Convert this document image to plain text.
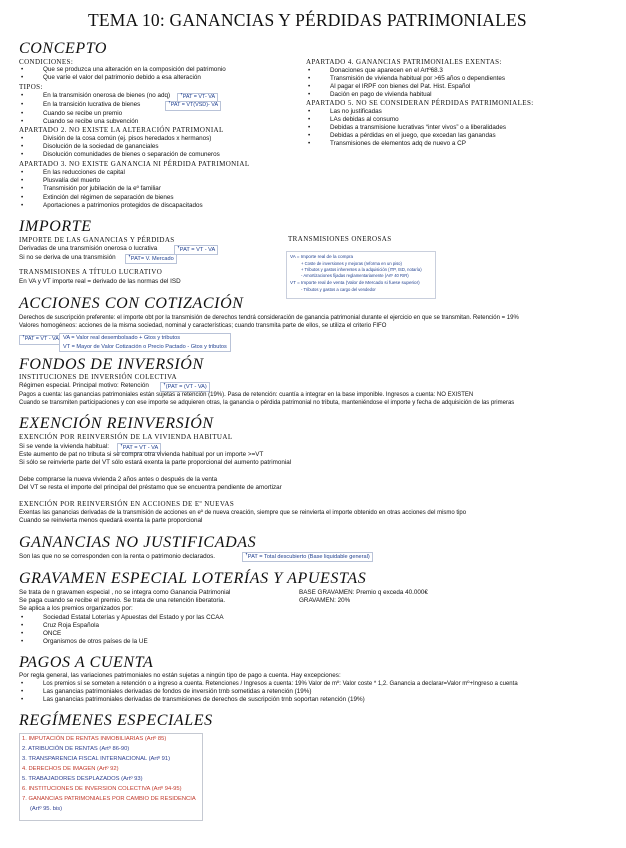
TEMA 10: GANANCIAS Y PÉRDIDAS PATRIMONIALES
CONCEPTO
CONDICIONES:
• Que se produzca una alteración en la composición del patrimonio
• Que varíe el valor del patrimonio debido a esa alteración
TIPOS:
• En la transmisión onerosa de bienes (no adq)	ꜛPAT = VT- VA
• En la transición lucrativa de bienes	ꜛPAT = VT(VSD)- VA
• Cuando se recibe un premio
• Cuando se recibe una subvención
APARTADO 2. NO EXISTE LA ALTERACIÓN PATRIMONIAL
• División de la cosa común (ej. pisos heredados x hermanos)
• Disolución de la sociedad de gananciales
• Disolución comunidades de bienes o separación de comuneros
APARTADO 3. NO EXISTE GANANCIA NI PÉRDIDA PATRIMONIAL
• En las reducciones de capital
• Plusvalía del muerto
• Transmisión por jubilación de la eº familiar
• Extinción del régimen de separación de bienes
• Aportaciones a patrimonios protegidos de discapacitados
APARTADO 4. GANANCIAS PATRIMONIALES EXENTAS:
• Donaciones que aparecen en el Artº68.3
• Transmisión de vivienda habitual por >65 años o dependientes
• Al pagar el IRPF con bienes del Pat. Hist. Español
• Dación en pago de vivienda habitual
APARTADO 5. NO SE CONSIDERAN PÉRDIDAS PATRIMONIALES:
• Las no justificadas
• LAs debidas al consumo
• Debidas a transmisione lucrativas “inter vivos” o a liberalidades
• Debidas a pérdidas en el juego, que excedan las ganandas
• Transmisiones de elementos adq de nuevo a CP
IMPORTE
IMPORTE DE LAS GANANCIAS Y PÉRDIDAS
Derivadas de una transmisión onerosa o lucrativa	ꜛPAT = VT - VA
Si no se deriva de una transmisión	ꜛPAT= V. Mercado
TRANSMISIONES A TÍTULO LUCRATIVO
En VA y VT importe real = derivado de las normas del ISD
TRANSMISIONES ONEROSAS
VA = Importe real de la compra
+ Coste de inversiones y mejoras (reforma en un piso)
+ Tributos y gastos inherentes a la adquisición (ITP, ISD, notaría)
- Amortizaciones fijadas reglamentariamente (Artº 40 RIR)
VT = Importe real de venta (Valor de Mercado si fuese superior)
- Tributos y gastos a cargo del vendedor
ACCIONES CON COTIZACIÓN
Derechos de suscripción preferente: el importe obt por la transmisión de derechos tendrá consideración de ganancia patrimonial durante el ejercicio en que se transmitan. Retención = 19%
Valores homogéneos: acciones de la misma sociedad, nominal y características; cuando transmita parte de ellos, se utiliza el criterio FIFO
ꜛPAT = VT - VA VA = Valor real desembolsado + Gtos y tributos
VT = Mayor de Valor Cotización o Precio Pactado - Gtos y tributos
FONDOS DE INVERSIÓN
INSTITUCIONES DE INVERSIÓN COLECTIVA
Régimen especial. Principal motivo: Retención	ꜛ(PAT = (VT - VA)
Pagos a cuenta: las ganancias patrimoniales están sujetas a retención (19%). Pasa de retención: cuantía a integrar en la base imponible. Ingresos a cuenta: NO EXISTEN
Cuando se transmiten participaciones y con ese importe se adquieren otras, la ganancia o pérdida patrimonial no tributa, manteniéndose el importe y fecha de adquisición de las primeras
EXENCIÓN REINVERSIÓN
EXENCIÓN POR REINVERSIÓN DE LA VIVIENDA HABITUAL
Si se vende la vivienda habitual:	ꜛPAT = VT - VA
Este aumento de pat no tributa si se compra otra vivienda habitual por un importe >=VT
Si sólo se reinvierte parte del VT sólo estará exenta la parte proporcional del aumento patrimonial
Debe comprarse la nueva vivienda 2 años antes o después de la venta
Del VT se resta el importe del principal del préstamo que se encuentra pendiente de amortizar
EXENCIÓN POR REINVERSIÓN EN ACCIONES DE Eº NUEVAS
Exentas las ganancias derivadas de la transmisión de acciones en eº de nueva creación, siempre que se reinvierta el importe obtenido en otras acciones del mismo tipo
Cuando se reinvierta menos quedará exenta la parte proporcional
GANANCIAS NO JUSTIFICADAS
Son las que no se corresponden con la renta o patrimonio declarados.	ꜛPAT = Total descubierto (Base liquidable general)
GRAVAMEN ESPECIAL LOTERÍAS Y APUESTAS
Se trata de n gravamen especial , no se integra como Ganancia Patrimonial
Se paga cuando se recibe el premio. Se trata de una retención liberatoria.
Se aplica a los premios organizados por:
• Sociedad Estatal Loterías y Apuestas del Estado y por las CCAA
• Cruz Roja Española
• ONCE
• Organismos de otros países de la UE
BASE GRAVAMEN: Premio q exceda 40.000€
GRAVAMEN: 20%
PAGOS A CUENTA
Por regla general, las variaciones patrimoniales no están sujetas a ningún tipo de pago a cuenta. Hay excepciones:
• Los premios sí se someten a retención o a ingreso a cuenta. Retenciones / Ingresos a cuenta: 19% Valor de mº: Valor coste * 1,2. Ganancia a declarar=Valor mº+Ingreso a cuenta
• Las ganancias patrimoniales derivadas de fondos de inversión trnb sometidas a retención (19%)
• Las ganancias patrimoniales derivadas de transmisiones de derechos de suscripción trnb soportan retención (19%)
REGÍMENES ESPECIALES
1. IMPUTACIÓN DE RENTAS INMOBILIARIAS (Artº 85)
2. ATRIBUCIÓN DE RENTAS (Artº 86-90)
3. TRANSPARENCIA FISCAL INTERNACIONAL (Artº 91)
4. DERECHOS DE IMAGEN (Artº 92)
5. TRABAJADORES DESPLAZADOS (Artº 93)
6. INSTITUCIONES DE INVERSION COLECTIVA (Artº 94-95)
7. GANANCIAS PATRIMONIALES POR CAMBIO DE RESIDENCIA
(Artº 95. bis)
